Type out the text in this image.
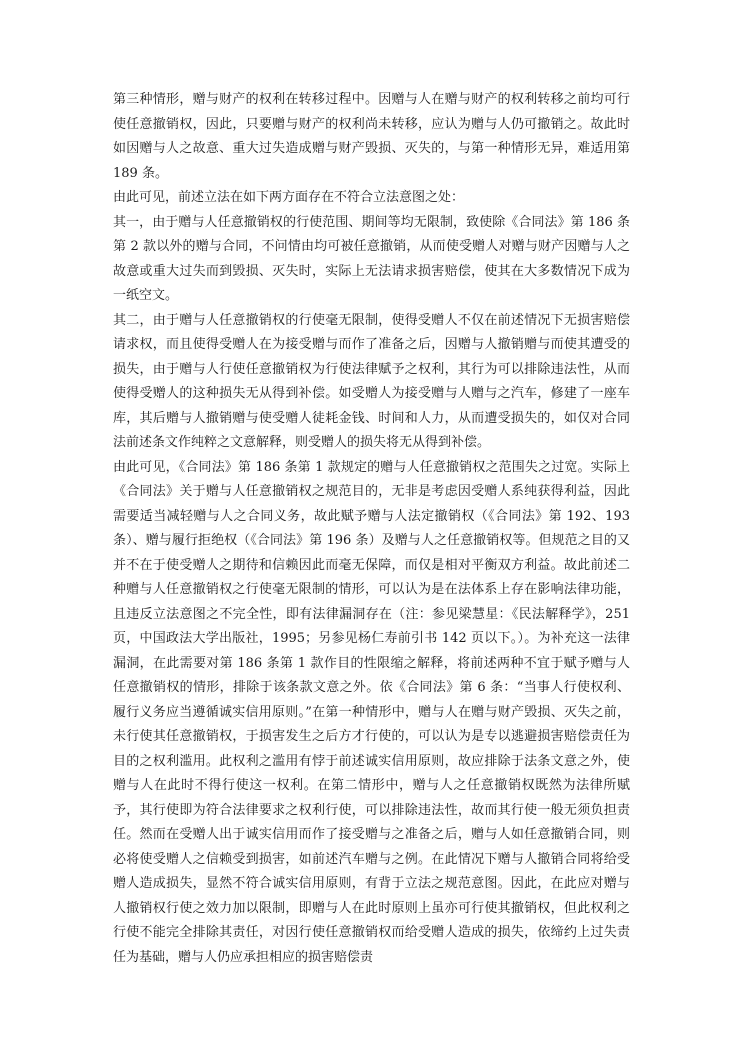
第三种情形，赠与财产的权利在转移过程中。因赠与人在赠与财产的权利转移之前均可行使任意撤销权，因此，只要赠与财产的权利尚未转移，应认为赠与人仍可撤销之。故此时如因赠与人之故意、重大过失造成赠与财产毁损、灭失的，与第一种情形无异，难适用第 189 条。

由此可见，前述立法在如下两方面存在不符合立法意图之处：

其一，由于赠与人任意撤销权的行使范围、期间等均无限制，致使除《合同法》第 186 条第 2 款以外的赠与合同，不问情由均可被任意撤销，从而使受赠人对赠与财产因赠与人之故意或重大过失而到毁损、灭失时，实际上无法请求损害赔偿，使其在大多数情况下成为一纸空文。

其二，由于赠与人任意撤销权的行使毫无限制，使得受赠人不仅在前述情况下无损害赔偿请求权，而且使得受赠人在为接受赠与而作了准备之后，因赠与人撤销赠与而使其遭受的损失，由于赠与人行使任意撤销权为行使法律赋予之权利，其行为可以排除违法性，从而使得受赠人的这种损失无从得到补偿。如受赠人为接受赠与人赠与之汽车，修建了一座车库，其后赠与人撤销赠与使受赠人徒耗金钱、时间和人力，从而遭受损失的，如仅对合同法前述条文作纯粹之文意解释，则受赠人的损失将无从得到补偿。

由此可见，《合同法》第 186 条第 1 款规定的赠与人任意撤销权之范围失之过宽。实际上《合同法》关于赠与人任意撤销权之规范目的，无非是考虑因受赠人系纯获得利益，因此需要适当减轻赠与人之合同义务，故此赋予赠与人法定撤销权（《合同法》第 192、193 条）、赠与履行拒绝权（《合同法》第 196 条）及赠与人之任意撤销权等。但规范之目的又并不在于使受赠人之期待和信赖因此而毫无保障，而仅是相对平衡双方利益。故此前述二种赠与人任意撤销权之行使毫无限制的情形，可以认为是在法体系上存在影响法律功能，且违反立法意图之不完全性，即有法律漏洞存在（注：参见梁慧星：《民法解释学》，251 页，中国政法大学出版社，1995；另参见杨仁寿前引书 142 页以下。）。为补充这一法律漏洞，在此需要对第 186 条第 1 款作目的性限缩之解释，将前述两种不宜于赋予赠与人任意撤销权的情形，排除于该条款文意之外。依《合同法》第 6 条：“当事人行使权利、履行义务应当遵循诚实信用原则。”在第一种情形中，赠与人在赠与财产毁损、灭失之前，未行使其任意撤销权，于损害发生之后方才行使的，可以认为是专以逃避损害赔偿责任为目的之权利滥用。此权利之滥用有悖于前述诚实信用原则，故应排除于法条文意之外，使赠与人在此时不得行使这一权利。在第二情形中，赠与人之任意撤销权既然为法律所赋予，其行使即为符合法律要求之权利行使，可以排除违法性，故而其行使一般无须负担责任。然而在受赠人出于诚实信用而作了接受赠与之准备之后，赠与人如任意撤销合同，则必将使受赠人之信赖受到损害，如前述汽车赠与之例。在此情况下赠与人撤销合同将给受赠人造成损失，显然不符合诚实信用原则，有背于立法之规范意图。因此，在此应对赠与人撤销权行使之效力加以限制，即赠与人在此时原则上虽亦可行使其撤销权，但此权利之行使不能完全排除其责任，对因行使任意撤销权而给受赠人造成的损失，依缔约上过失责任为基础，赠与人仍应承担相应的损害赔偿责
